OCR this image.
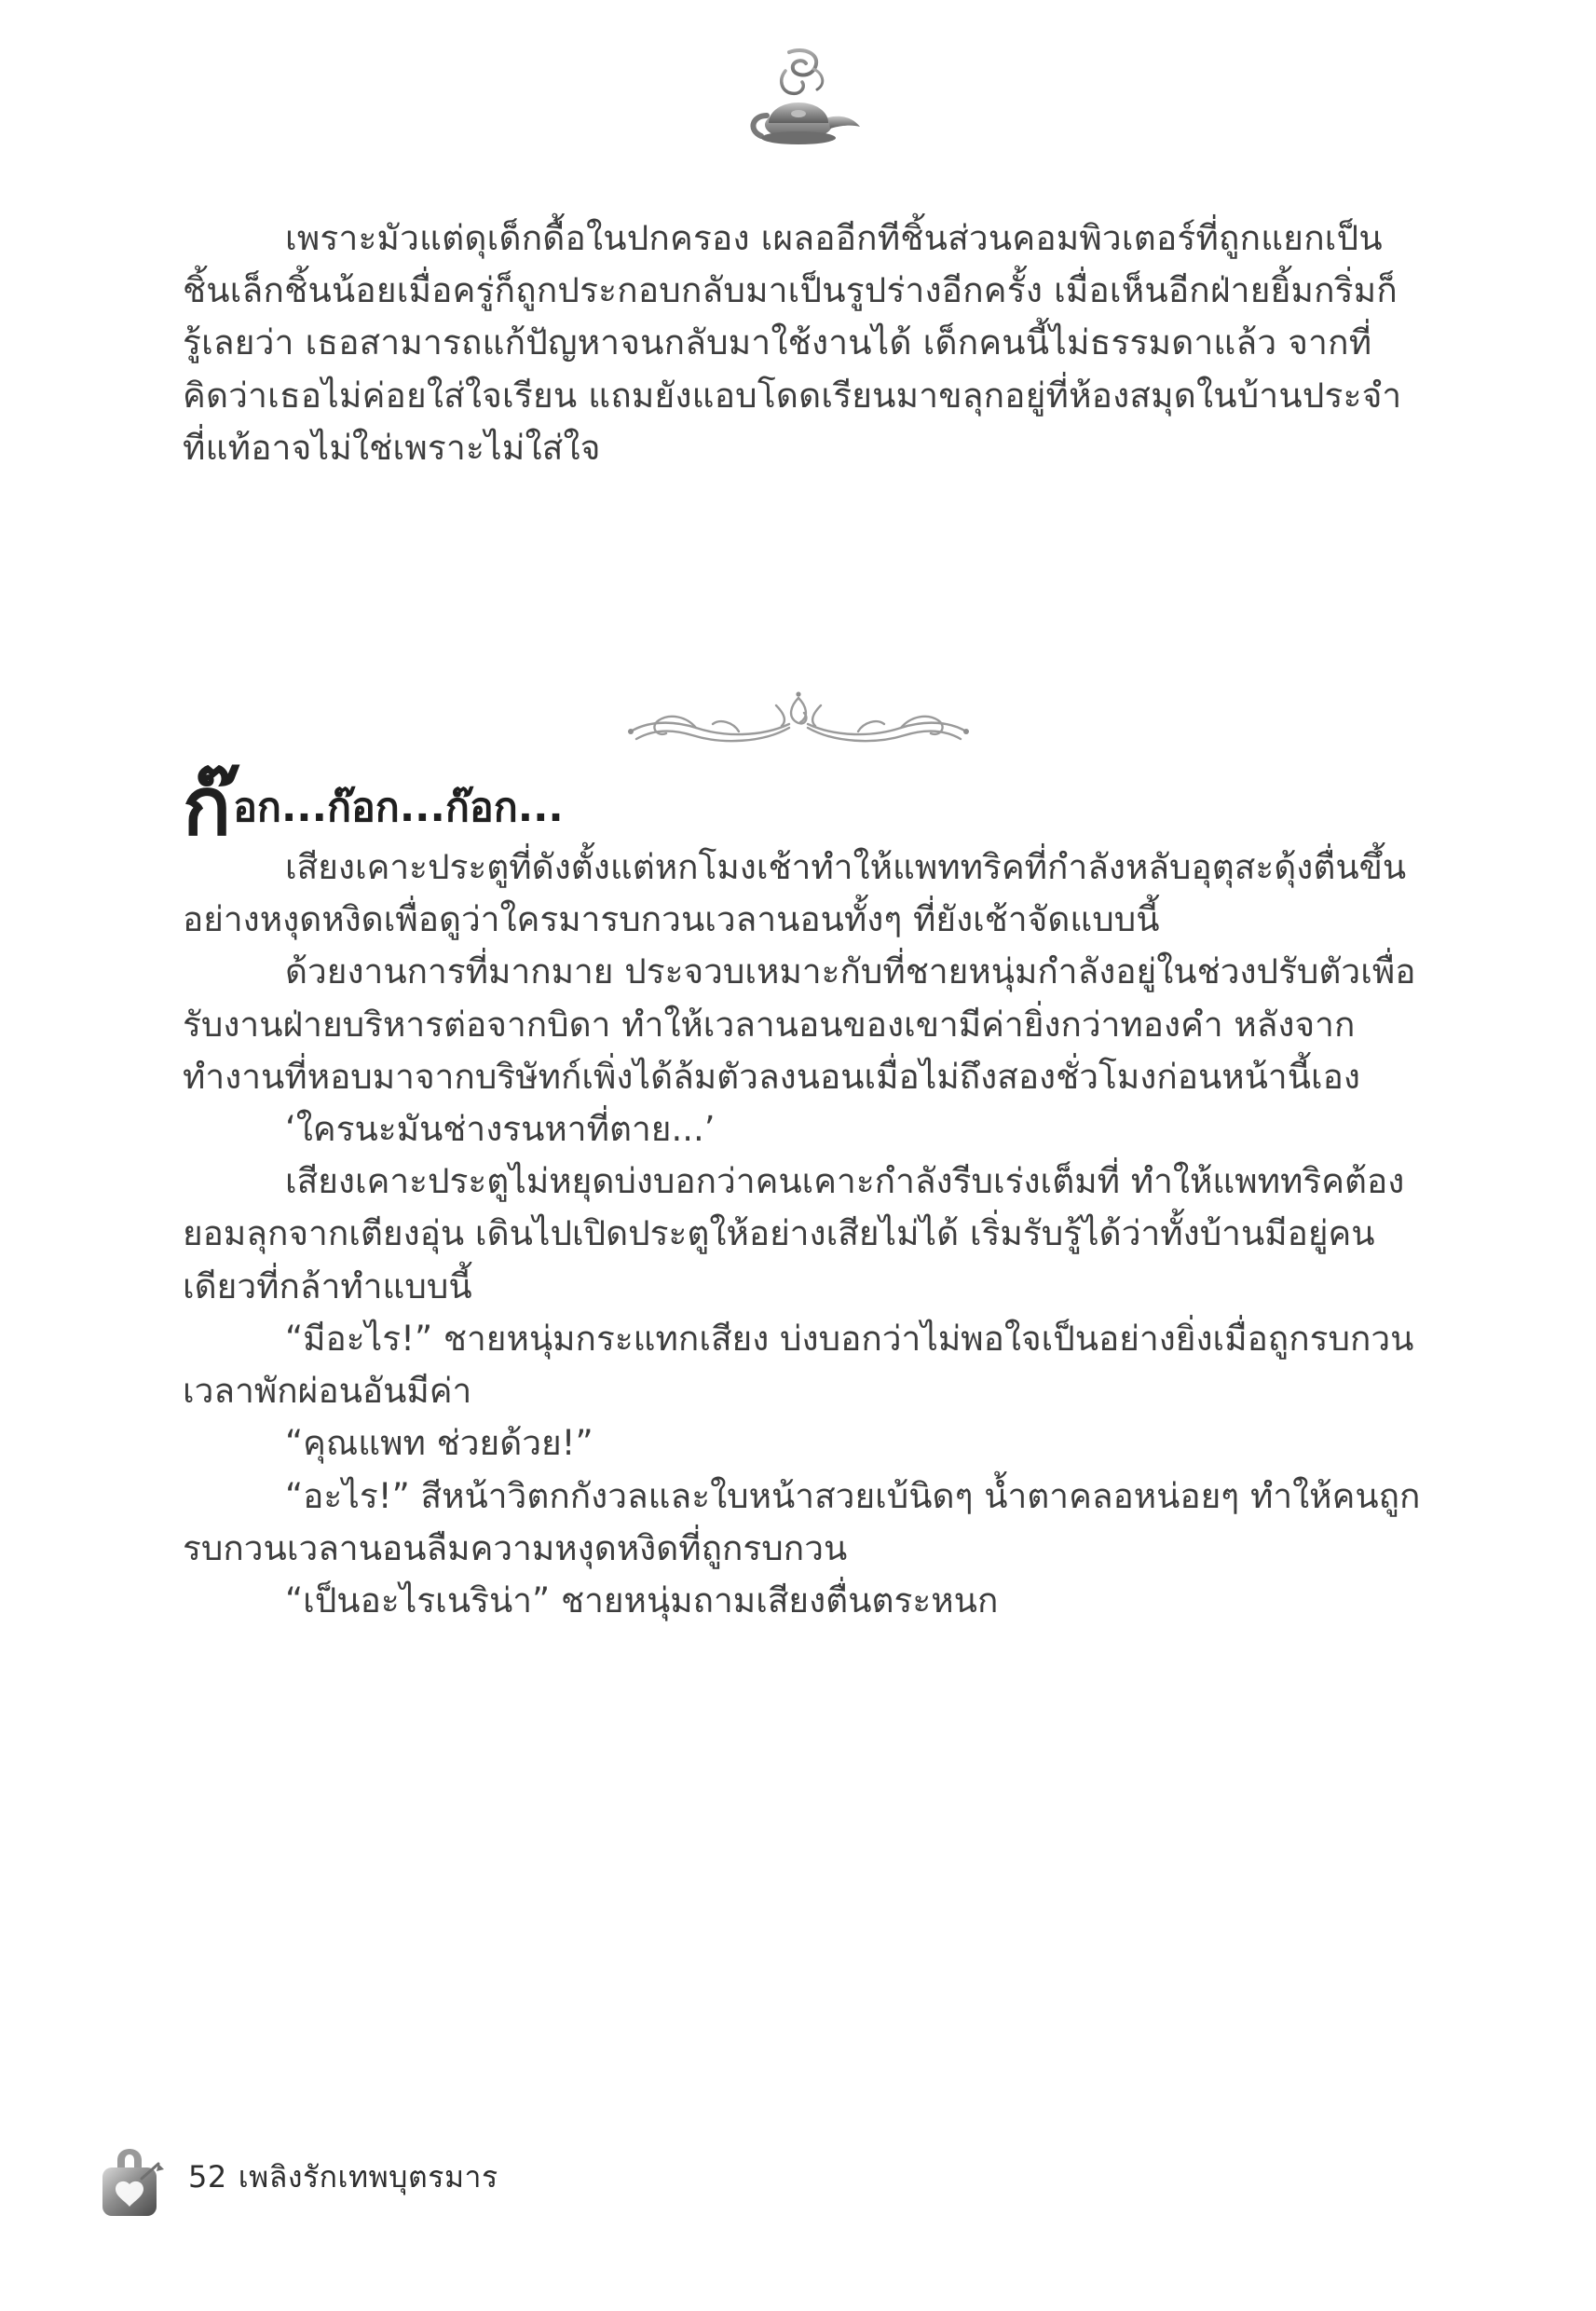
เพราะมัวแต่ดุเด็กดื้อในปกครอง เผลออีกทีชิ้นส่วนคอมพิวเตอร์ที่ถูกแยกเป็นชิ้นเล็กชิ้นน้อยเมื่อครู่ก็ถูกประกอบกลับมาเป็นรูปร่างอีกครั้ง เมื่อเห็นอีกฝ่ายยิ้มกริ่มก็รู้เลยว่า เธอสามารถแก้ปัญหาจนกลับมาใช้งานได้ เด็กคนนี้ไม่ธรรมดาแล้ว จากที่คิดว่าเธอไม่ค่อยใส่ใจเรียน แถมยังแอบโดดเรียนมาขลุกอยู่ที่ห้องสมุดในบ้านประจำ ที่แท้อาจไม่ใช่เพราะไม่ใส่ใจ

ก๊อก...ก๊อก...ก๊อก...

เสียงเคาะประตูที่ดังตั้งแต่หกโมงเช้าทำให้แพททริคที่กำลังหลับอุตุสะดุ้งตื่นขึ้นอย่างหงุดหงิดเพื่อดูว่าใครมารบกวนเวลานอนทั้งๆ ที่ยังเช้าจัดแบบนี้

ด้วยงานการที่มากมาย ประจวบเหมาะกับที่ชายหนุ่มกำลังอยู่ในช่วงปรับตัวเพื่อรับงานฝ่ายบริหารต่อจากบิดา ทำให้เวลานอนของเขามีค่ายิ่งกว่าทองคำ หลังจากทำงานที่หอบมาจากบริษัทก์เพิ่งได้ล้มตัวลงนอนเมื่อไม่ถึงสองชั่วโมงก่อนหน้านี้เอง

‘ใครนะมันช่างรนหาที่ตาย...’

เสียงเคาะประตูไม่หยุดบ่งบอกว่าคนเคาะกำลังรีบเร่งเต็มที่ ทำให้แพททริคต้องยอมลุกจากเตียงอุ่น เดินไปเปิดประตูให้อย่างเสียไม่ได้ เริ่มรับรู้ได้ว่าทั้งบ้านมีอยู่คนเดียวที่กล้าทำแบบนี้

“มีอะไร!” ชายหนุ่มกระแทกเสียง บ่งบอกว่าไม่พอใจเป็นอย่างยิ่งเมื่อถูกรบกวนเวลาพักผ่อนอันมีค่า

“คุณแพท ช่วยด้วย!”

“อะไร!” สีหน้าวิตกกังวลและใบหน้าสวยเบ้นิดๆ น้ำตาคลอหน่อยๆ ทำให้คนถูกรบกวนเวลานอนลืมความหงุดหงิดที่ถูกรบกวน

“เป็นอะไรเนริน่า” ชายหนุ่มถามเสียงตื่นตระหนก

52 เพลิงรักเทพบุตรมาร
